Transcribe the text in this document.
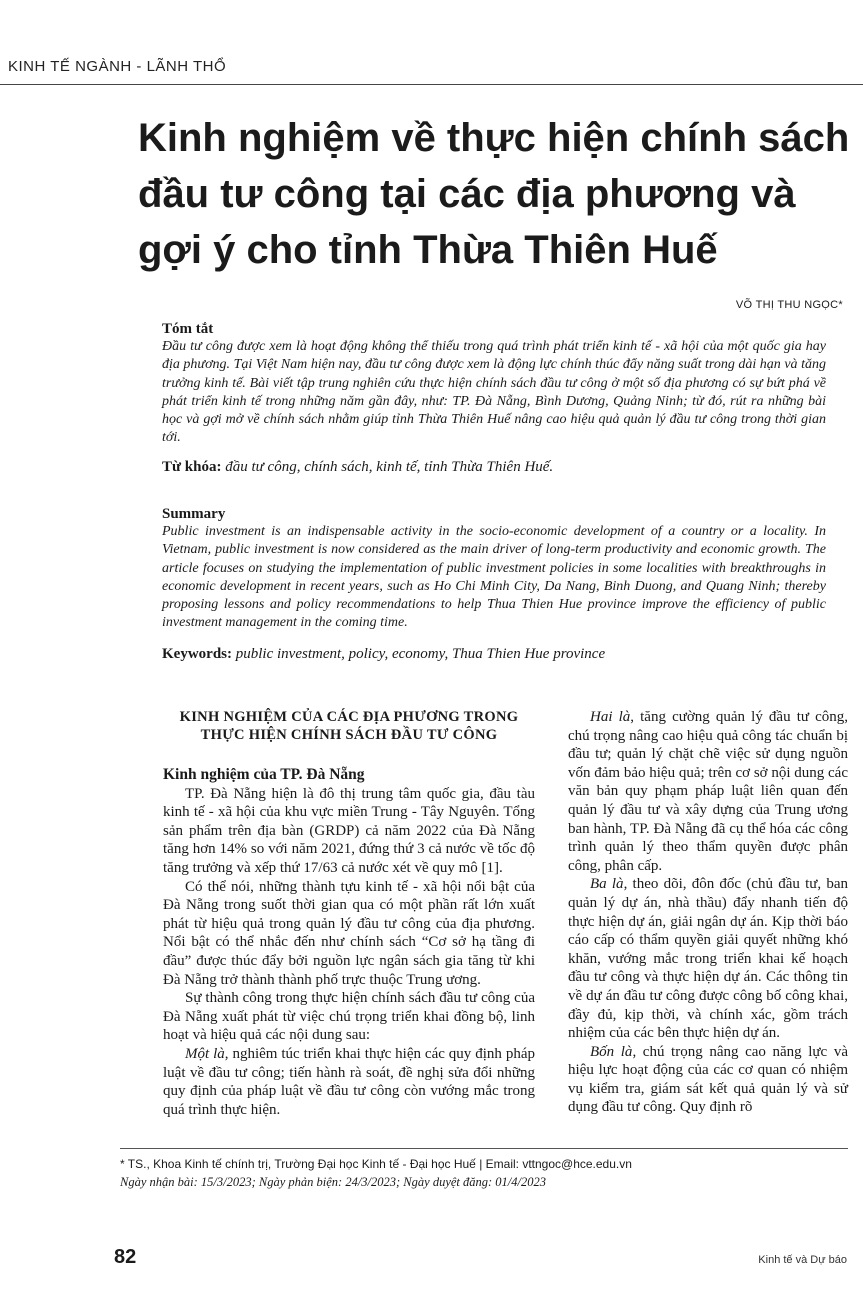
KINH TẾ NGÀNH - LÃNH THỔ
Kinh nghiệm về thực hiện chính sách đầu tư công tại các địa phương và gợi ý cho tỉnh Thừa Thiên Huế
VÕ THỊ THU NGỌC*
Tóm tắt
Đầu tư công được xem là hoạt động không thể thiếu trong quá trình phát triển kinh tế - xã hội của một quốc gia hay địa phương. Tại Việt Nam hiện nay, đầu tư công được xem là động lực chính thúc đẩy năng suất trong dài hạn và tăng trưởng kinh tế. Bài viết tập trung nghiên cứu thực hiện chính sách đầu tư công ở một số địa phương có sự bứt phá về phát triển kinh tế trong những năm gần đây, như: TP. Đà Nẵng, Bình Dương, Quảng Ninh; từ đó, rút ra những bài học và gợi mở về chính sách nhằm giúp tỉnh Thừa Thiên Huế nâng cao hiệu quả quản lý đầu tư công trong thời gian tới.
Từ khóa: đầu tư công, chính sách, kinh tế, tỉnh Thừa Thiên Huế.
Summary
Public investment is an indispensable activity in the socio-economic development of a country or a locality. In Vietnam, public investment is now considered as the main driver of long-term productivity and economic growth. The article focuses on studying the implementation of public investment policies in some localities with breakthroughs in economic development in recent years, such as Ho Chi Minh City, Da Nang, Binh Duong, and Quang Ninh; thereby proposing lessons and policy recommendations to help Thua Thien Hue province improve the efficiency of public investment management in the coming time.
Keywords: public investment, policy, economy, Thua Thien Hue province
KINH NGHIỆM CỦA CÁC ĐỊA PHƯƠNG TRONG THỰC HIỆN CHÍNH SÁCH ĐẦU TƯ CÔNG

Kinh nghiệm của TP. Đà Nẵng

TP. Đà Nẵng hiện là đô thị trung tâm quốc gia, đầu tàu kinh tế - xã hội của khu vực miền Trung - Tây Nguyên. Tổng sản phẩm trên địa bàn (GRDP) cả năm 2022 của Đà Nẵng tăng hơn 14% so với năm 2021, đứng thứ 3 cả nước về tốc độ tăng trưởng và xếp thứ 17/63 cả nước xét về quy mô [1].

Có thể nói, những thành tựu kinh tế - xã hội nổi bật của Đà Nẵng trong suốt thời gian qua có một phần rất lớn xuất phát từ hiệu quả trong quản lý đầu tư công của địa phương. Nổi bật có thể nhắc đến như chính sách “Cơ sở hạ tầng đi đầu” được thúc đẩy bởi nguồn lực ngân sách gia tăng từ khi Đà Nẵng trở thành thành phố trực thuộc Trung ương.

Sự thành công trong thực hiện chính sách đầu tư công của Đà Nẵng xuất phát từ việc chú trọng triển khai đồng bộ, linh hoạt và hiệu quả các nội dung sau:

Một là, nghiêm túc triển khai thực hiện các quy định pháp luật về đầu tư công; tiến hành rà soát, đề nghị sửa đổi những quy định của pháp luật về đầu tư công còn vướng mắc trong quá trình thực hiện.

Hai là, tăng cường quản lý đầu tư công, chú trọng nâng cao hiệu quả công tác chuẩn bị đầu tư; quản lý chặt chẽ việc sử dụng nguồn vốn đảm bảo hiệu quả; trên cơ sở nội dung các văn bản quy phạm pháp luật liên quan đến quản lý đầu tư và xây dựng của Trung ương ban hành, TP. Đà Nẵng đã cụ thể hóa các công trình quản lý theo thẩm quyền được phân công, phân cấp.

Ba là, theo dõi, đôn đốc (chủ đầu tư, ban quản lý dự án, nhà thầu) đẩy nhanh tiến độ thực hiện dự án, giải ngân dự án. Kịp thời báo cáo cấp có thẩm quyền giải quyết những khó khăn, vướng mắc trong triển khai kế hoạch đầu tư công và thực hiện dự án. Các thông tin về dự án đầu tư công được công bố công khai, đầy đủ, kịp thời, và chính xác, gồm trách nhiệm của các bên thực hiện dự án.

Bốn là, chú trọng nâng cao năng lực và hiệu lực hoạt động của các cơ quan có nhiệm vụ kiểm tra, giám sát kết quả quản lý và sử dụng đầu tư công. Quy định rõ

* TS., Khoa Kinh tế chính trị, Trường Đại học Kinh tế - Đại học Huế | Email: vttngoc@hce.edu.vn
Ngày nhận bài: 15/3/2023; Ngày phản biện: 24/3/2023; Ngày duyệt đăng: 01/4/2023
82	Kinh tế và Dự báo
